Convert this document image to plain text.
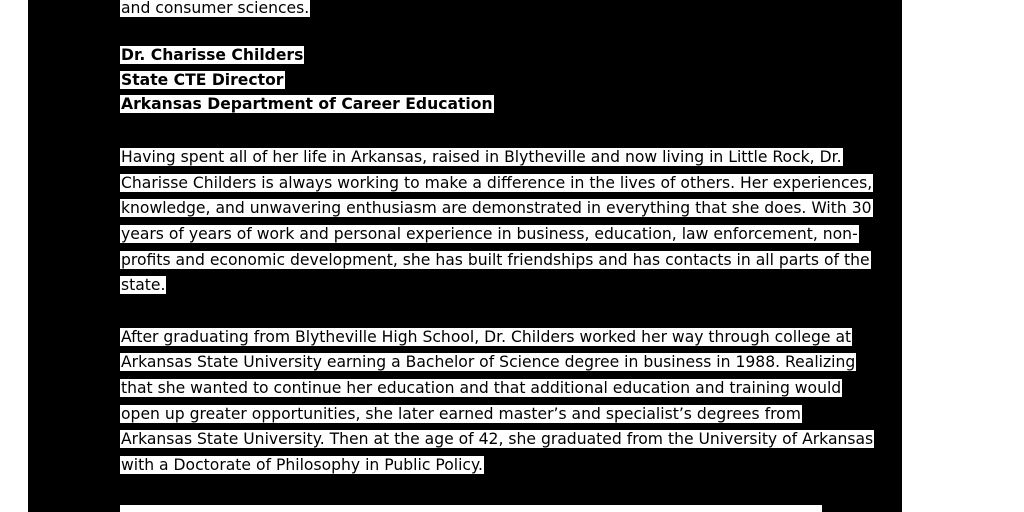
and consumer sciences.
Dr. Charisse Childers
State CTE Director
Arkansas Department of Career Education
Having spent all of her life in Arkansas, raised in Blytheville and now living in Little Rock, Dr.
Charisse Childers is always working to make a difference in the lives of others. Her experiences,
knowledge, and unwavering enthusiasm are demonstrated in everything that she does. With 30
years of years of work and personal experience in business, education, law enforcement, non-
profits and economic development, she has built friendships and has contacts in all parts of the
state.
After graduating from Blytheville High School, Dr. Childers worked her way through college at
Arkansas State University earning a Bachelor of Science degree in business in 1988. Realizing
that she wanted to continue her education and that additional education and training would
open up greater opportunities, she later earned master’s and specialist’s degrees from
Arkansas State University. Then at the age of 42, she graduated from the University of Arkansas
with a Doctorate of Philosophy in Public Policy.
